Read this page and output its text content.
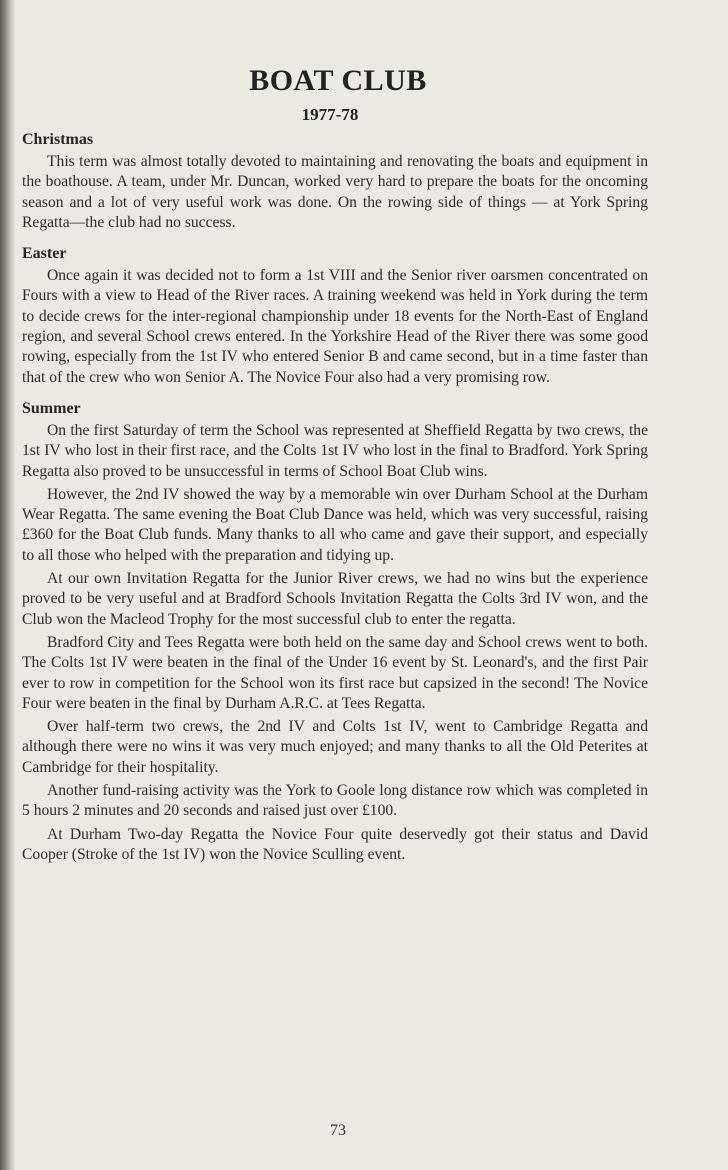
BOAT CLUB
1977-78
Christmas

This term was almost totally devoted to maintaining and renovating the boats and equipment in the boathouse. A team, under Mr. Duncan, worked very hard to prepare the boats for the oncoming season and a lot of very useful work was done. On the rowing side of things — at York Spring Regatta—the club had no success.

Easter

Once again it was decided not to form a 1st VIII and the Senior river oarsmen concentrated on Fours with a view to Head of the River races. A training weekend was held in York during the term to decide crews for the inter-regional championship under 18 events for the North-East of England region, and several School crews entered. In the Yorkshire Head of the River there was some good rowing, especially from the 1st IV who entered Senior B and came second, but in a time faster than that of the crew who won Senior A. The Novice Four also had a very promising row.

Summer

On the first Saturday of term the School was represented at Sheffield Regatta by two crews, the 1st IV who lost in their first race, and the Colts 1st IV who lost in the final to Bradford. York Spring Regatta also proved to be unsuccessful in terms of School Boat Club wins.

However, the 2nd IV showed the way by a memorable win over Durham School at the Durham Wear Regatta. The same evening the Boat Club Dance was held, which was very successful, raising £360 for the Boat Club funds. Many thanks to all who came and gave their support, and especially to all those who helped with the preparation and tidying up.

At our own Invitation Regatta for the Junior River crews, we had no wins but the experience proved to be very useful and at Bradford Schools Invitation Regatta the Colts 3rd IV won, and the Club won the Macleod Trophy for the most successful club to enter the regatta.

Bradford City and Tees Regatta were both held on the same day and School crews went to both. The Colts 1st IV were beaten in the final of the Under 16 event by St. Leonard's, and the first Pair ever to row in competition for the School won its first race but capsized in the second! The Novice Four were beaten in the final by Durham A.R.C. at Tees Regatta.

Over half-term two crews, the 2nd IV and Colts 1st IV, went to Cambridge Regatta and although there were no wins it was very much enjoyed; and many thanks to all the Old Peterites at Cambridge for their hospitality.

Another fund-raising activity was the York to Goole long distance row which was completed in 5 hours 2 minutes and 20 seconds and raised just over £100.

At Durham Two-day Regatta the Novice Four quite deservedly got their status and David Cooper (Stroke of the 1st IV) won the Novice Sculling event.

73
